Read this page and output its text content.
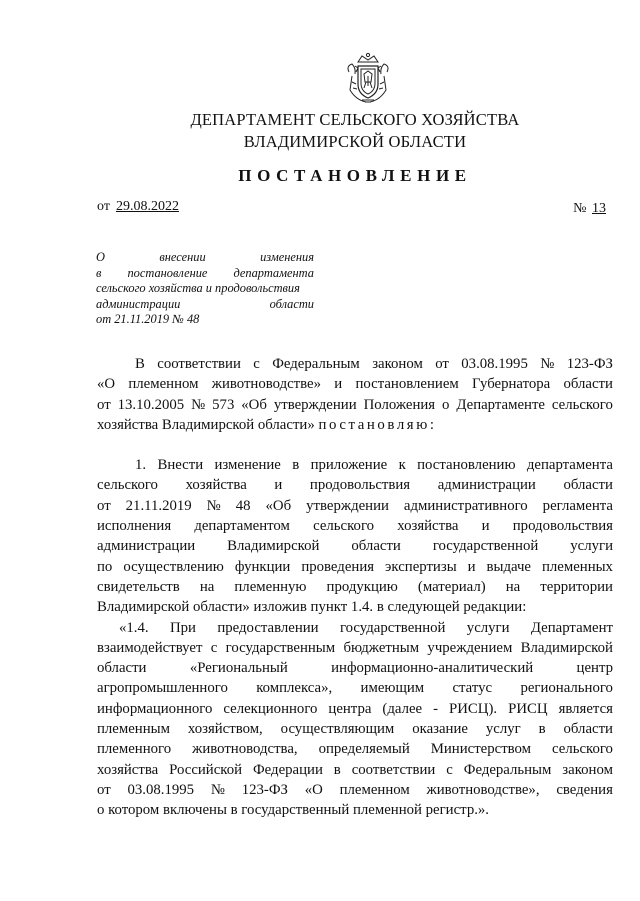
ДЕПАРТАМЕНТ СЕЛЬСКОГО ХОЗЯЙСТВА
ВЛАДИМИРСКОЙ ОБЛАСТИ
ПОСТАНОВЛЕНИЕ
от 29.08.2022	№ 13
О	внесении	изменения
в постановление департамента
сельского хозяйства и продовольствия
администрации	области
от 21.11.2019 № 48
В соответствии с Федеральным законом от 03.08.1995 № 123-ФЗ
«О племенном животноводстве» и постановлением Губернатора области
от 13.10.2005 № 573 «Об утверждении Положения о Департаменте сельского
хозяйства Владимирской области» постановляю:
1. Внести изменение в приложение к постановлению департамента
сельского хозяйства и продовольствия администрации области
от 21.11.2019 № 48 «Об утверждении административного регламента
исполнения департаментом сельского хозяйства и продовольствия
администрации Владимирской области государственной услуги
по осуществлению функции проведения экспертизы и выдаче племенных
свидетельств на племенную продукцию (материал) на территории
Владимирской области» изложив пункт 1.4. в следующей редакции:
«1.4. При предоставлении государственной услуги Департамент
взаимодействует с государственным бюджетным учреждением Владимирской
области	«Региональный	информационно-аналитический	центр
агропромышленного комплекса», имеющим статус регионального
информационного селекционного центра (далее - РИСЦ). РИСЦ является
племенным хозяйством, осуществляющим оказание услуг в области
племенного животноводства, определяемый Министерством сельского
хозяйства Российской Федерации в соответствии с Федеральным законом
от 03.08.1995 № 123-ФЗ «О племенном животноводстве», сведения
о котором включены в государственный племенной регистр.».
